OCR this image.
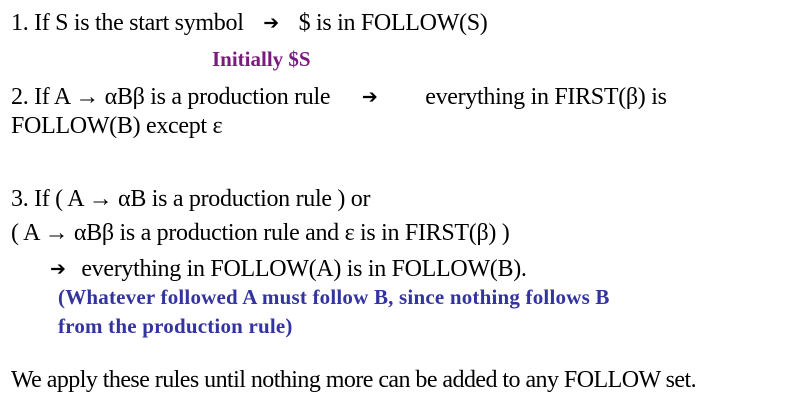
1. If S is the start symbol ➔ $ is in FOLLOW(S)
Initially $S
2. If A → αBβ is a production rule ➔ everything in FIRST(β) is
FOLLOW(B) except ε
3. If ( A → αB is a production rule ) or
( A → αBβ is a production rule and ε is in FIRST(β) )
➔ everything in FOLLOW(A) is in FOLLOW(B).
(Whatever followed A must follow B, since nothing follows B
from the production rule)
We apply these rules until nothing more can be added to any FOLLOW set.
